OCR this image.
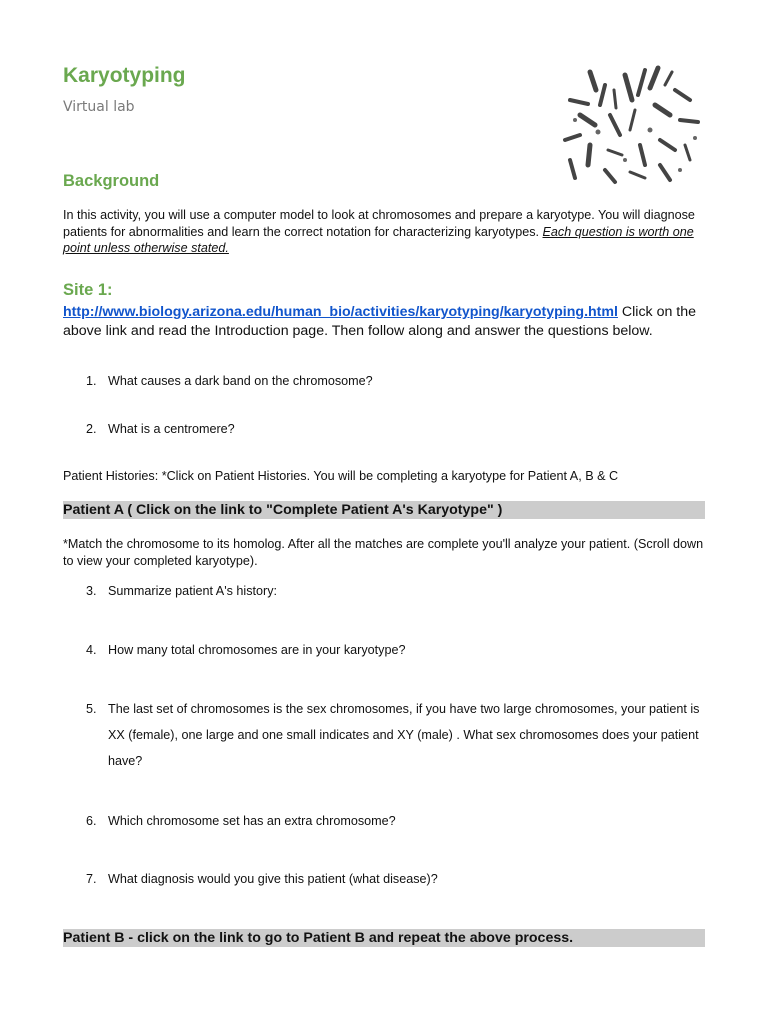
Karyotyping
Virtual lab
Background
In this activity, you will use a computer model to look at chromosomes and prepare a karyotype. You will diagnose patients for abnormalities and learn the correct notation for characterizing karyotypes. Each question is worth one point unless otherwise stated.
Site 1:
http://www.biology.arizona.edu/human_bio/activities/karyotyping/karyotyping.html Click on the above link and read the Introduction page. Then follow along and answer the questions below.
1. What causes a dark band on the chromosome?
2. What is a centromere?
Patient Histories: *Click on Patient Histories. You will be completing a karyotype for Patient A, B & C
Patient A ( Click on the link to "Complete Patient A's Karyotype" )
*Match the chromosome to its homolog. After all the matches are complete you'll analyze your patient. (Scroll down to view your completed karyotype).
3. Summarize patient A's history:
4. How many total chromosomes are in your karyotype?
5. The last set of chromosomes is the sex chromosomes, if you have two large chromosomes, your patient is XX (female), one large and one small indicates and XY (male) . What sex chromosomes does your patient have?
6. Which chromosome set has an extra chromosome?
7. What diagnosis would you give this patient (what disease)?
Patient B - click on the link to go to Patient B and repeat the above process.
